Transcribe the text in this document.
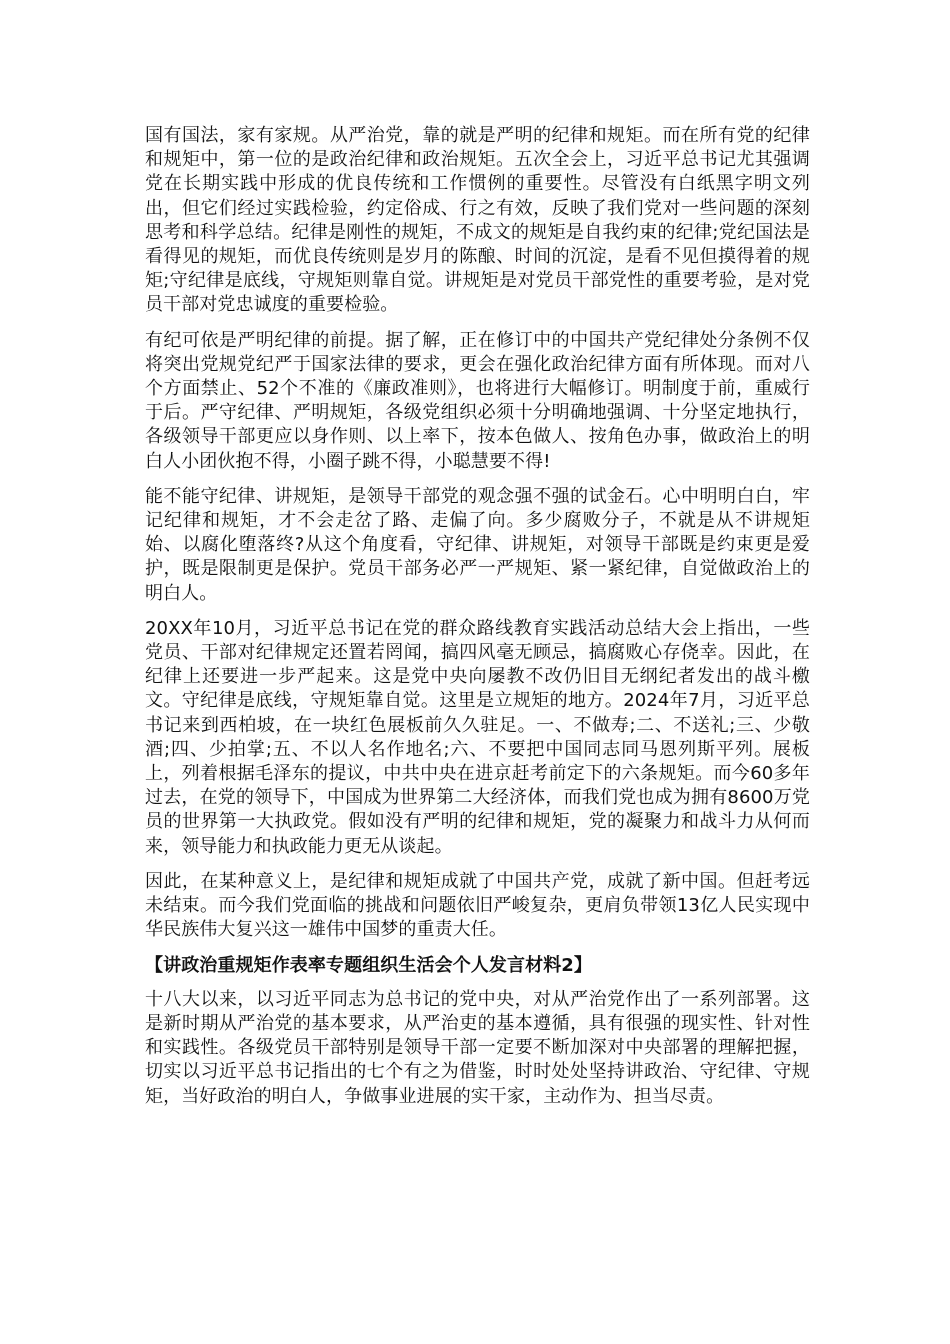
国有国法，家有家规。从严治党，靠的就是严明的纪律和规矩。而在所有党的纪律和规矩中，第一位的是政治纪律和政治规矩。五次全会上，习近平总书记尤其强调党在长期实践中形成的优良传统和工作惯例的重要性。尽管没有白纸黑字明文列出，但它们经过实践检验，约定俗成、行之有效，反映了我们党对一些问题的深刻思考和科学总结。纪律是刚性的规矩，不成文的规矩是自我约束的纪律;党纪国法是看得见的规矩，而优良传统则是岁月的陈酿、时间的沉淀，是看不见但摸得着的规矩;守纪律是底线，守规矩则靠自觉。讲规矩是对党员干部党性的重要考验，是对党员干部对党忠诚度的重要检验。

有纪可依是严明纪律的前提。据了解，正在修订中的中国共产党纪律处分条例不仅将突出党规党纪严于国家法律的要求，更会在强化政治纪律方面有所体现。而对八个方面禁止、52个不准的《廉政准则》，也将进行大幅修订。明制度于前，重威行于后。严守纪律、严明规矩，各级党组织必须十分明确地强调、十分坚定地执行，各级领导干部更应以身作则、以上率下，按本色做人、按角色办事，做政治上的明白人小团伙抱不得，小圈子跳不得，小聪慧要不得!

能不能守纪律、讲规矩，是领导干部党的观念强不强的试金石。心中明明白白，牢记纪律和规矩，才不会走岔了路、走偏了向。多少腐败分子，不就是从不讲规矩始、以腐化堕落终?从这个角度看，守纪律、讲规矩，对领导干部既是约束更是爱护，既是限制更是保护。党员干部务必严一严规矩、紧一紧纪律，自觉做政治上的明白人。

20XX年10月，习近平总书记在党的群众路线教育实践活动总结大会上指出，一些党员、干部对纪律规定还置若罔闻，搞四风毫无顾忌，搞腐败心存侥幸。因此，在纪律上还要进一步严起来。这是党中央向屡教不改仍旧目无纲纪者发出的战斗檄文。守纪律是底线，守规矩靠自觉。这里是立规矩的地方。2024年7月，习近平总书记来到西柏坡，在一块红色展板前久久驻足。一、不做寿;二、不送礼;三、少敬酒;四、少拍掌;五、不以人名作地名;六、不要把中国同志同马恩列斯平列。展板上，列着根据毛泽东的提议，中共中央在进京赶考前定下的六条规矩。而今60多年过去，在党的领导下，中国成为世界第二大经济体，而我们党也成为拥有8600万党员的世界第一大执政党。假如没有严明的纪律和规矩，党的凝聚力和战斗力从何而来，领导能力和执政能力更无从谈起。

因此，在某种意义上，是纪律和规矩成就了中国共产党，成就了新中国。但赶考远未结束。而今我们党面临的挑战和问题依旧严峻复杂，更肩负带领13亿人民实现中华民族伟大复兴这一雄伟中国梦的重责大任。

【讲政治重规矩作表率专题组织生活会个人发言材料2】

十八大以来，以习近平同志为总书记的党中央，对从严治党作出了一系列部署。这是新时期从严治党的基本要求，从严治吏的基本遵循，具有很强的现实性、针对性和实践性。各级党员干部特别是领导干部一定要不断加深对中央部署的理解把握，切实以习近平总书记指出的七个有之为借鉴，时时处处坚持讲政治、守纪律、守规矩，当好政治的明白人，争做事业进展的实干家，主动作为、担当尽责。
